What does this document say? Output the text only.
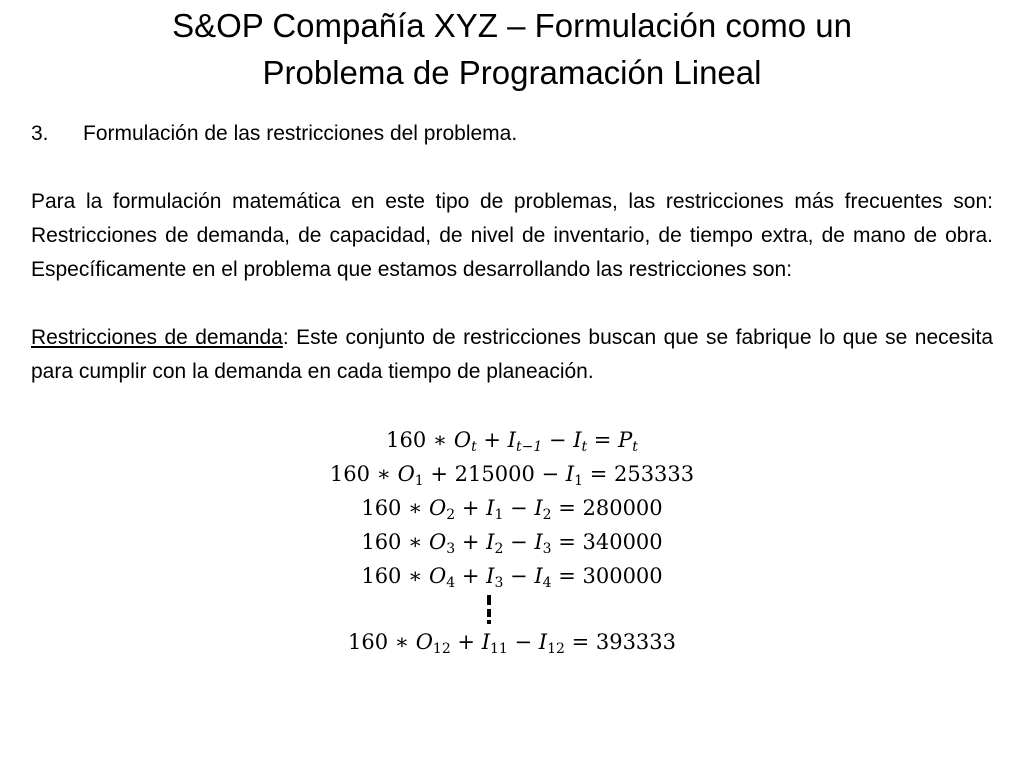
S&OP Compañía XYZ – Formulación como un
Problema de Programación Lineal

3.	Formulación de las restricciones del problema.

Para la formulación matemática en este tipo de problemas, las restricciones más frecuentes son: Restricciones de demanda, de capacidad, de nivel de inventario, de tiempo extra, de mano de obra. Específicamente en el problema que estamos desarrollando las restricciones son:

Restricciones de demanda: Este conjunto de restricciones buscan que se fabrique lo que se necesita para cumplir con la demanda en cada tiempo de planeación.

160 ∗ $O_t + I_{t-1} - I_t = P_t$
160 ∗ $O_1 + 215000 - I_1 = 253333$
160 ∗ $O_2 + I_1 - I_2 = 280000$
160 ∗ $O_3 + I_2 - I_3 = 340000$
160 ∗ $O_4 + I_3 - I_4 = 300000$
160 ∗ $O_{12} + I_{11} - I_{12} = 393333$
